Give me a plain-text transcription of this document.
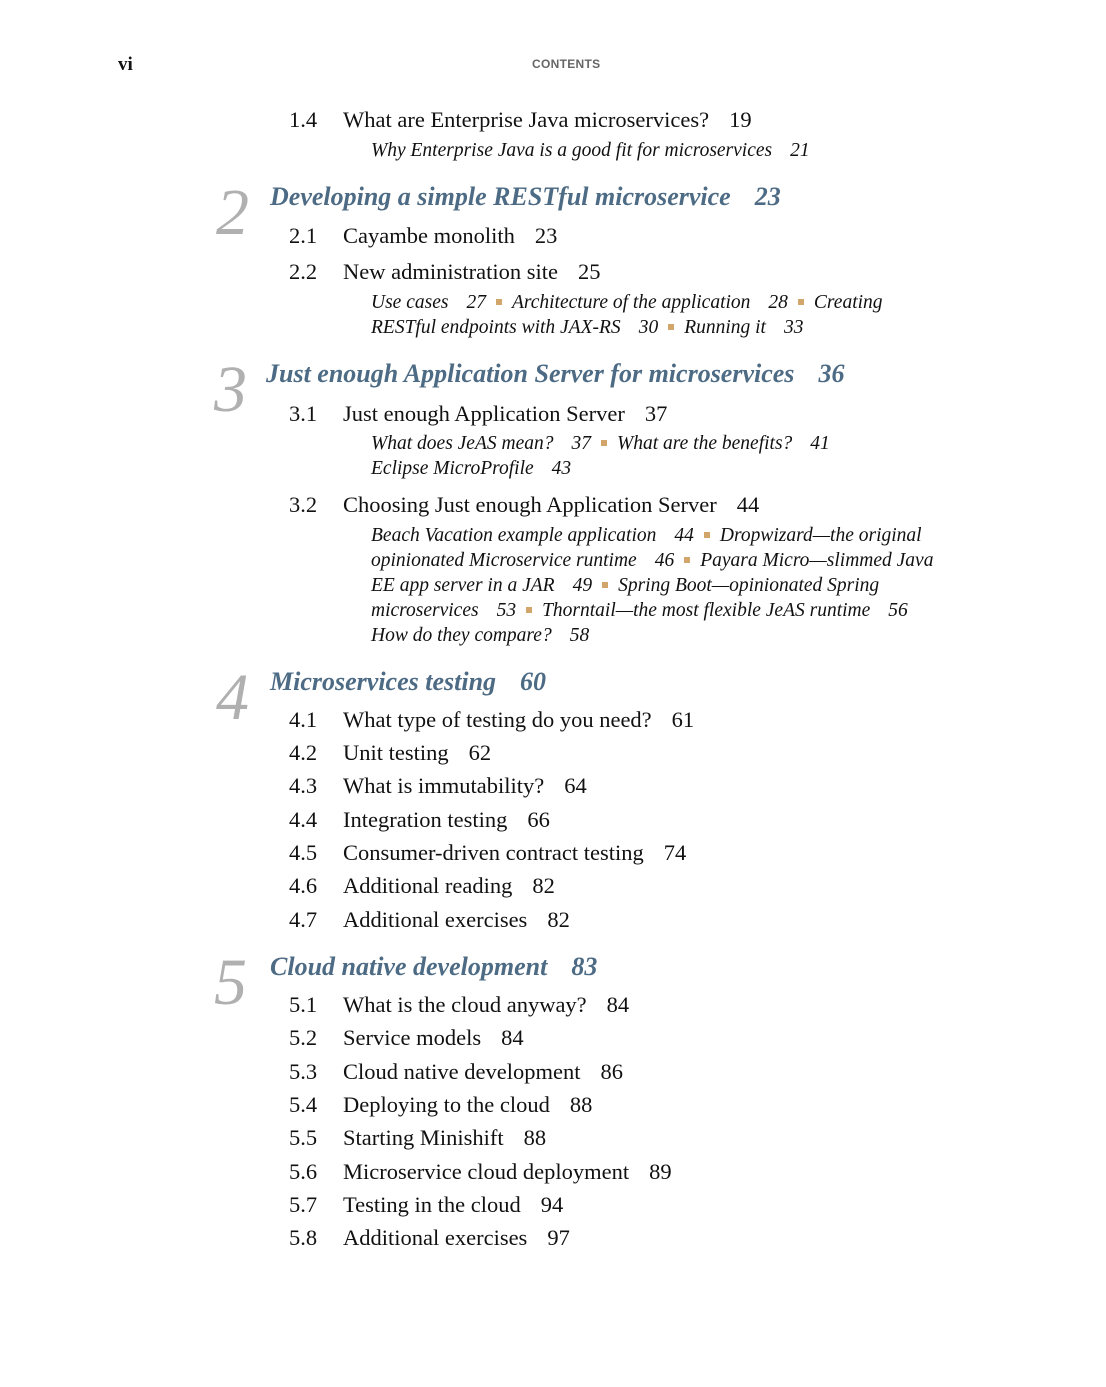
vi	CONTENTS
1.4 What are Enterprise Java microservices? 19
Why Enterprise Java is a good fit for microservices 21
2 Developing a simple RESTful microservice 23
2.1 Cayambe monolith 23
2.2 New administration site 25
Use cases 27 Architecture of the application 28 Creating
RESTful endpoints with JAX-RS 30 Running it 33
3 Just enough Application Server for microservices 36
3.1 Just enough Application Server 37
What does JeAS mean? 37 What are the benefits? 41
Eclipse MicroProfile 43
3.2 Choosing Just enough Application Server 44
Beach Vacation example application 44 Dropwizard—the original
opinionated Microservice runtime 46 Payara Micro—slimmed Java
EE app server in a JAR 49 Spring Boot—opinionated Spring
microservices 53 Thorntail—the most flexible JeAS runtime 56
How do they compare? 58
4 Microservices testing 60
4.1 What type of testing do you need? 61
4.2 Unit testing 62
4.3 What is immutability? 64
4.4 Integration testing 66
4.5 Consumer-driven contract testing 74
4.6 Additional reading 82
4.7 Additional exercises 82
5 Cloud native development 83
5.1 What is the cloud anyway? 84
5.2 Service models 84
5.3 Cloud native development 86
5.4 Deploying to the cloud 88
5.5 Starting Minishift 88
5.6 Microservice cloud deployment 89
5.7 Testing in the cloud 94
5.8 Additional exercises 97
